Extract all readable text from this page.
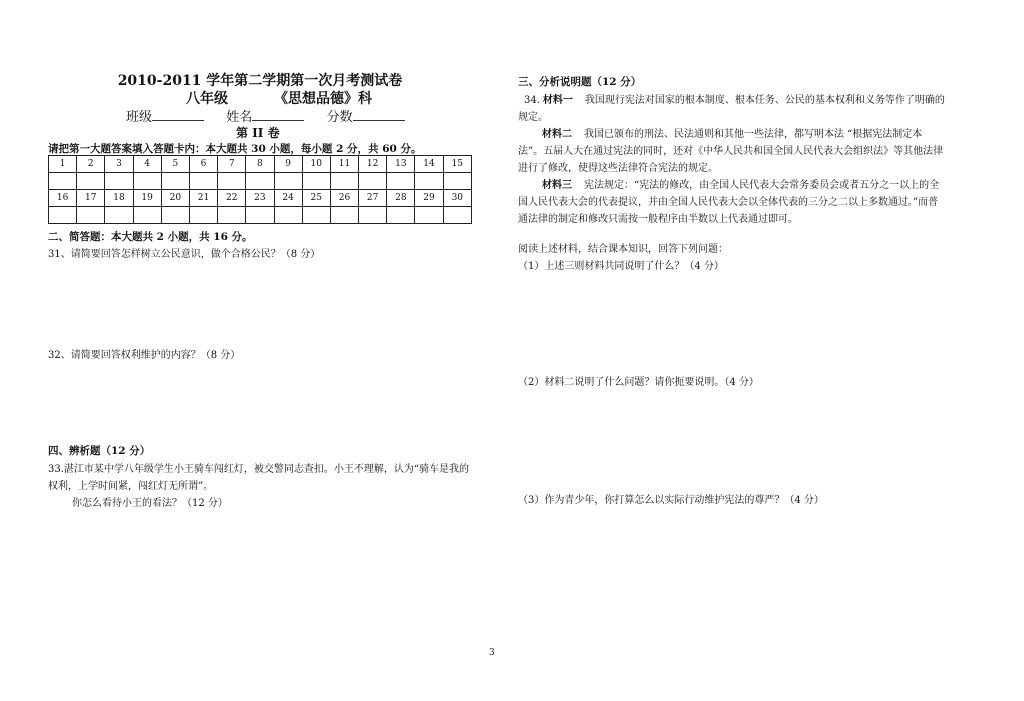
2010-2011 学年第二学期第一次月考测试卷
八年级	《思想品德》科
班级	姓名	分数
第 II 卷
请把第一大题答案填入答题卡内：本大题共 30 小题，每小题 2 分，共 60 分。
1	2	3	4	5	6	7	8	9	10	11	12	13	14	15

16	17	18	19	20	21	22	23	24	25	26	27	28	29	30

二、简答题：本大题共 2 小题，共 16 分。
31、请简要回答怎样树立公民意识，做个合格公民？（8 分）
32、请简要回答权利维护的内容？（8 分）
四、辨析题（12 分）
33.湛江市某中学八年级学生小王骑车闯红灯，被交警同志查扣。小王不理解，认为“骑车是我的
权利，上学时间紧，闯红灯无所谓”。
你怎么看待小王的看法？（12 分）
三、分析说明题（12 分）
34. 材料一 我国现行宪法对国家的根本制度、根本任务、公民的基本权利和义务等作了明确的
规定。
材料二 我国已颁布的刑法、民法通则和其他一些法律，都写明本法 “根据宪法制定本
法”。五届人大在通过宪法的同时，还对《中华人民共和国全国人民代表大会组织法》等其他法律
进行了修改，使得这些法律符合宪法的规定。
材料三 宪法规定：“宪法的修改，由全国人民代表大会常务委员会或者五分之一以上的全
国人民代表大会的代表提议，并由全国人民代表大会以全体代表的三分之二以上多数通过。”而普
通法律的制定和修改只需按一般程序由半数以上代表通过即可。
阅读上述材料，结合课本知识，回答下列问题：
（1）上述三则材料共同说明了什么？（4 分）
（2）材料二说明了什么问题？请你扼要说明。（4 分）
（3）作为青少年，你打算怎么以实际行动维护宪法的尊严？（4 分）
3
